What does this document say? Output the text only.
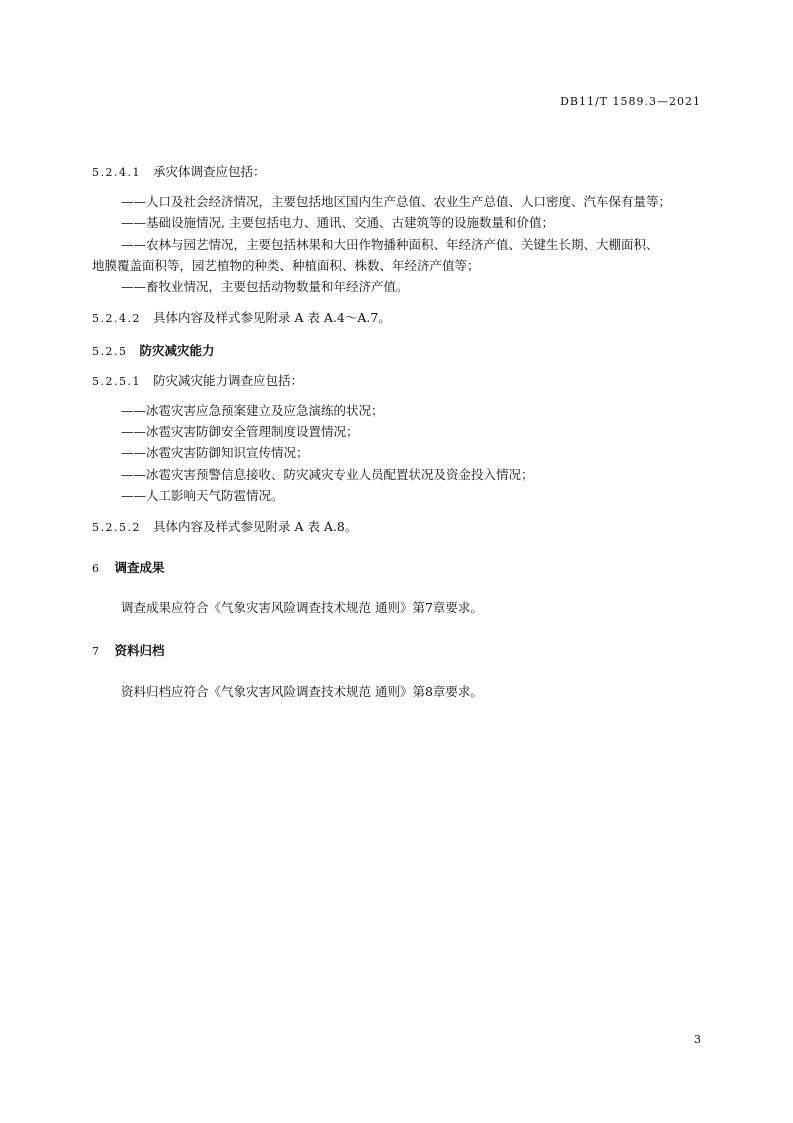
DB11/T 1589.3—2021
5.2.4.1 承灾体调查应包括：
——人口及社会经济情况，主要包括地区国内生产总值、农业生产总值、人口密度、汽车保有量等；
——基础设施情况, 主要包括电力、通讯、交通、古建筑等的设施数量和价值；
——农林与园艺情况，主要包括林果和大田作物播种面积、年经济产值、关键生长期、大棚面积、
地膜覆盖面积等，园艺植物的种类、种植面积、株数、年经济产值等；
——畜牧业情况，主要包括动物数量和年经济产值。
5.2.4.2 具体内容及样式参见附录 A 表 A.4～A.7。
5.2.5 防灾减灾能力
5.2.5.1 防灾减灾能力调查应包括：
——冰雹灾害应急预案建立及应急演练的状况；
——冰雹灾害防御安全管理制度设置情况；
——冰雹灾害防御知识宣传情况；
——冰雹灾害预警信息接收、防灾减灾专业人员配置状况及资金投入情况；
——人工影响天气防雹情况。
5.2.5.2 具体内容及样式参见附录 A 表 A.8。
6 调查成果
调查成果应符合《气象灾害风险调查技术规范 通则》第7章要求。
7 资料归档
资料归档应符合《气象灾害风险调查技术规范 通则》第8章要求。
3
